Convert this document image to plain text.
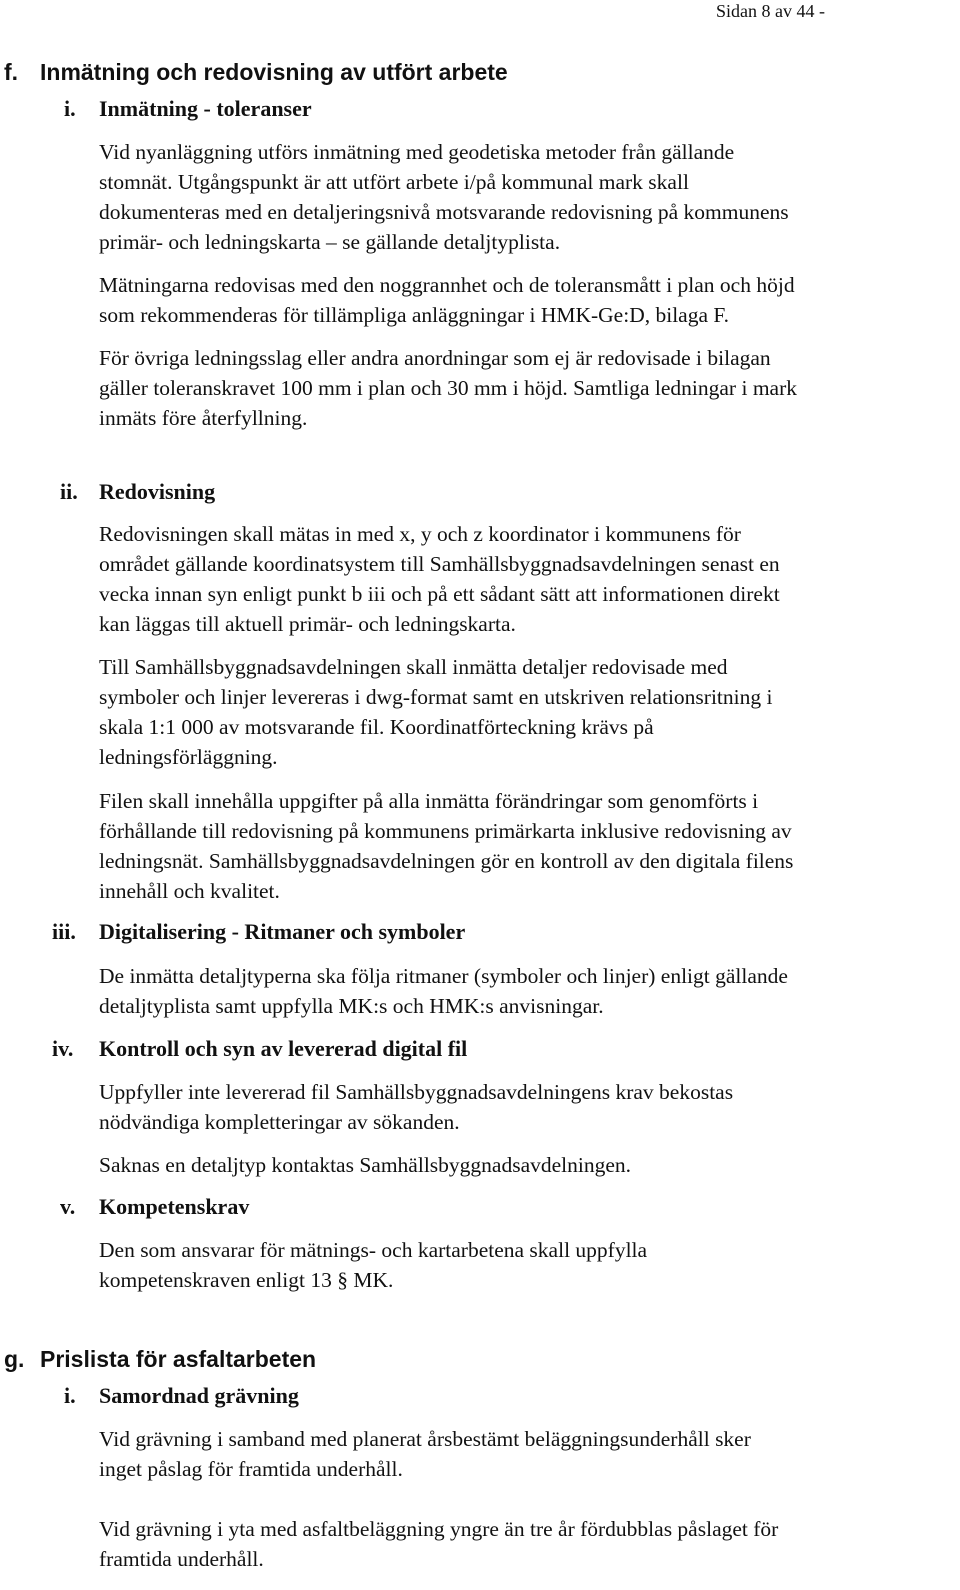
Sidan 8 av 44 -
f. Inmätning och redovisning av utfört arbete
i. Inmätning - toleranser

Vid nyanläggning utförs inmätning med geodetiska metoder från gällande
stomnät. Utgångspunkt är att utfört arbete i/på kommunal mark skall
dokumenteras med en detaljeringsnivå motsvarande redovisning på kommunens
primär- och ledningskarta – se gällande detaljtyplista.

Mätningarna redovisas med den noggrannhet och de toleransmått i plan och höjd
som rekommenderas för tillämpliga anläggningar i HMK-Ge:D, bilaga F.

För övriga ledningsslag eller andra anordningar som ej är redovisade i bilagan
gäller toleranskravet 100 mm i plan och 30 mm i höjd. Samtliga ledningar i mark
inmäts före återfyllning.

ii. Redovisning

Redovisningen skall mätas in med x, y och z koordinator i kommunens för
området gällande koordinatsystem till Samhällsbyggnadsavdelningen senast en
vecka innan syn enligt punkt b iii och på ett sådant sätt att informationen direkt
kan läggas till aktuell primär- och ledningskarta.

Till Samhällsbyggnadsavdelningen skall inmätta detaljer redovisade med
symboler och linjer levereras i dwg-format samt en utskriven relationsritning i
skala 1:1 000 av motsvarande fil. Koordinatförteckning krävs på
ledningsförläggning.

Filen skall innehålla uppgifter på alla inmätta förändringar som genomförts i
förhållande till redovisning på kommunens primärkarta inklusive redovisning av
ledningsnät. Samhällsbyggnadsavdelningen gör en kontroll av den digitala filens
innehåll och kvalitet.

iii. Digitalisering - Ritmaner och symboler

De inmätta detaljtyperna ska följa ritmaner (symboler och linjer) enligt gällande
detaljtyplista samt uppfylla MK:s och HMK:s anvisningar.

iv. Kontroll och syn av levererad digital fil

Uppfyller inte levererad fil Samhällsbyggnadsavdelningens krav bekostas
nödvändiga kompletteringar av sökanden.

Saknas en detaljtyp kontaktas Samhällsbyggnadsavdelningen.

v. Kompetenskrav

Den som ansvarar för mätnings- och kartarbetena skall uppfylla
kompetenskraven enligt 13 § MK.

g. Prislista för asfaltarbeten
i. Samordnad grävning

Vid grävning i samband med planerat årsbestämt beläggningsunderhåll sker
inget påslag för framtida underhåll.

Vid grävning i yta med asfaltbeläggning yngre än tre år fördubblas påslaget för
framtida underhåll.
